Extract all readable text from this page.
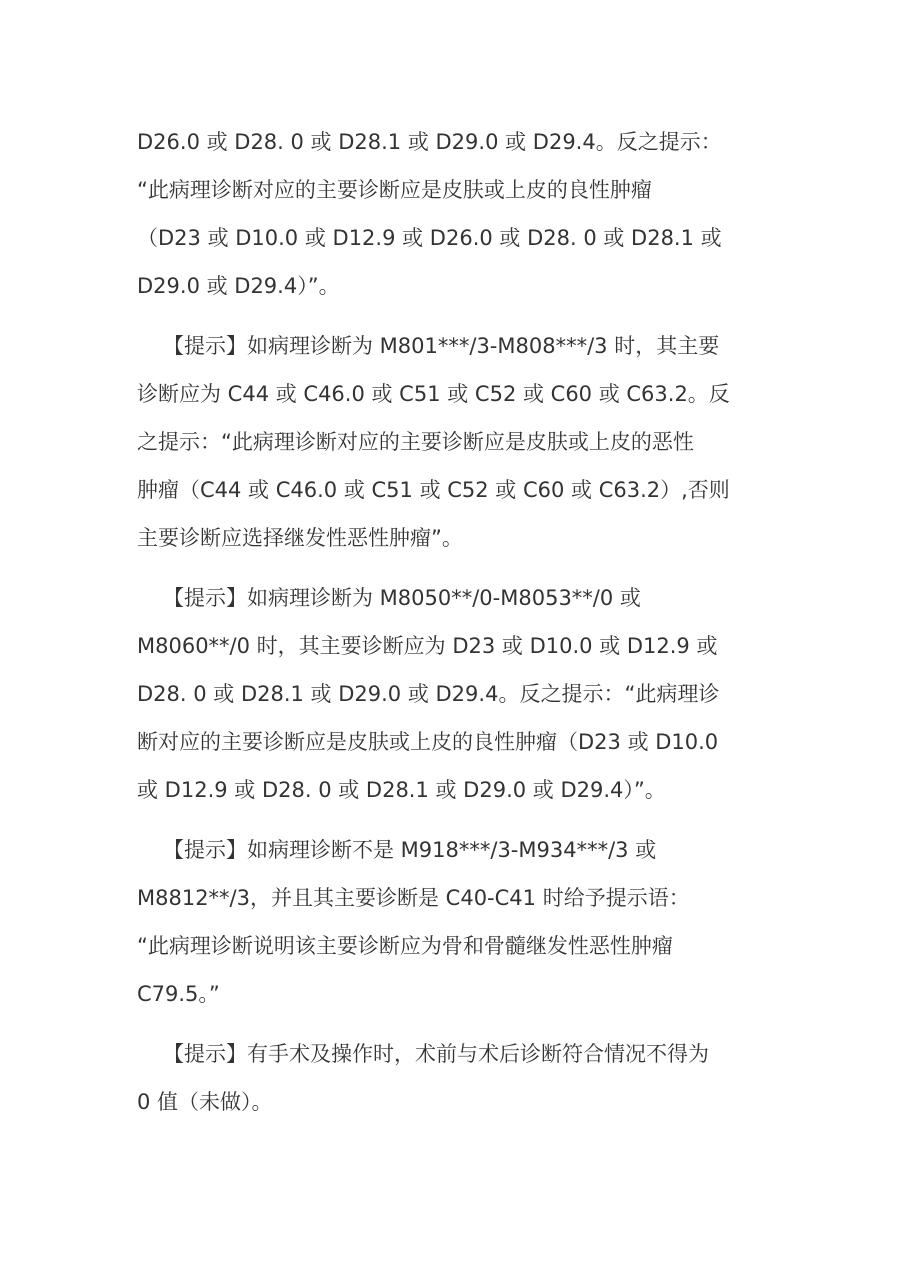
D26.0 或 D28. 0 或 D28.1 或 D29.0 或 D29.4。反之提示：
“此病理诊断对应的主要诊断应是皮肤或上皮的良性肿瘤
（D23 或 D10.0 或 D12.9 或 D26.0 或 D28. 0 或 D28.1 或
D29.0 或 D29.4）”。
【提示】如病理诊断为 M801***/3-M808***/3 时，其主要
诊断应为 C44 或 C46.0 或 C51 或 C52 或 C60 或 C63.2。反
之提示：“此病理诊断对应的主要诊断应是皮肤或上皮的恶性
肿瘤（C44 或 C46.0 或 C51 或 C52 或 C60 或 C63.2）,否则
主要诊断应选择继发性恶性肿瘤”。
【提示】如病理诊断为 M8050**/0-M8053**/0 或
M8060**/0 时，其主要诊断应为 D23 或 D10.0 或 D12.9 或
D28. 0 或 D28.1 或 D29.0 或 D29.4。反之提示：“此病理诊
断对应的主要诊断应是皮肤或上皮的良性肿瘤（D23 或 D10.0
或 D12.9 或 D28. 0 或 D28.1 或 D29.0 或 D29.4）”。
【提示】如病理诊断不是 M918***/3-M934***/3 或
M8812**/3，并且其主要诊断是 C40-C41 时给予提示语：
“此病理诊断说明该主要诊断应为骨和骨髓继发性恶性肿瘤
C79.5。”
【提示】有手术及操作时，术前与术后诊断符合情况不得为
0 值（未做）。
